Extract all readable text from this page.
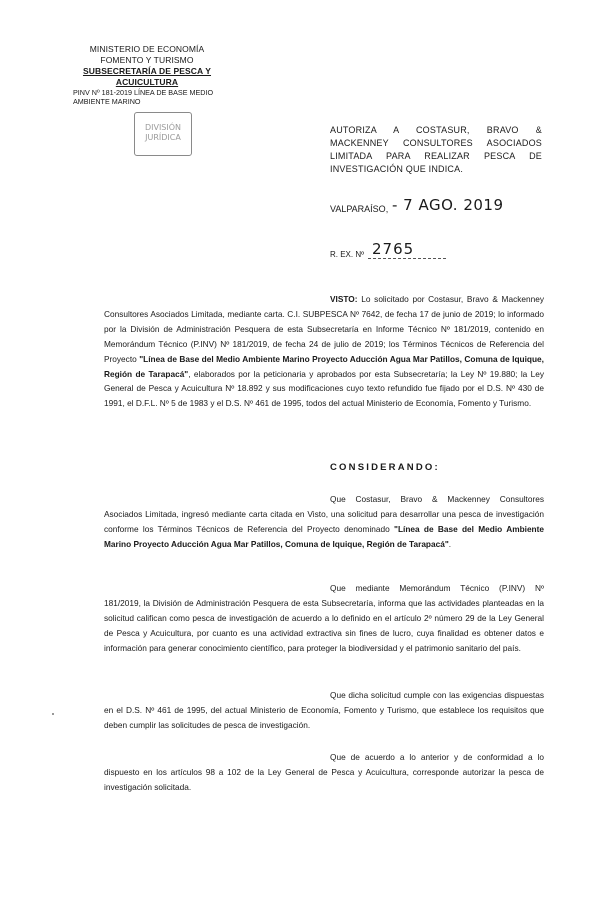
MINISTERIO DE ECONOMÍA
FOMENTO Y TURISMO
SUBSECRETARÍA DE PESCA Y ACUICULTURA
PINV Nº 181-2019 LÍNEA DE BASE MEDIO
AMBIENTE MARINO
DIVISIÓN
JURÍDICA
AUTORIZA A COSTASUR, BRAVO & MACKENNEY CONSULTORES ASOCIADOS LIMITADA PARA REALIZAR PESCA DE INVESTIGACIÓN QUE INDICA.
VALPARAÍSO, - 7 AGO. 2019
R. EX. Nº 2765
VISTO: Lo solicitado por Costasur, Bravo & Mackenney Consultores Asociados Limitada, mediante carta. C.I. SUBPESCA Nº 7642, de fecha 17 de junio de 2019; lo informado por la División de Administración Pesquera de esta Subsecretaría en Informe Técnico Nº 181/2019, contenido en Memorándum Técnico (P.INV) Nº 181/2019, de fecha 24 de julio de 2019; los Términos Técnicos de Referencia del Proyecto "Línea de Base del Medio Ambiente Marino Proyecto Aducción Agua Mar Patillos, Comuna de Iquique, Región de Tarapacá", elaborados por la peticionaria y aprobados por esta Subsecretaría; la Ley Nº 19.880; la Ley General de Pesca y Acuicultura Nº 18.892 y sus modificaciones cuyo texto refundido fue fijado por el D.S. Nº 430 de 1991, el D.F.L. Nº 5 de 1983 y el D.S. Nº 461 de 1995, todos del actual Ministerio de Economía, Fomento y Turismo.
CONSIDERANDO:
Que Costasur, Bravo & Mackenney Consultores Asociados Limitada, ingresó mediante carta citada en Visto, una solicitud para desarrollar una pesca de investigación conforme los Términos Técnicos de Referencia del Proyecto denominado "Línea de Base del Medio Ambiente Marino Proyecto Aducción Agua Mar Patillos, Comuna de Iquique, Región de Tarapacá".
Que mediante Memorándum Técnico (P.INV) Nº 181/2019, la División de Administración Pesquera de esta Subsecretaría, informa que las actividades planteadas en la solicitud califican como pesca de investigación de acuerdo a lo definido en el artículo 2º número 29 de la Ley General de Pesca y Acuicultura, por cuanto es una actividad extractiva sin fines de lucro, cuya finalidad es obtener datos e información para generar conocimiento científico, para proteger la biodiversidad y el patrimonio sanitario del país.
Que dicha solicitud cumple con las exigencias dispuestas en el D.S. Nº 461 de 1995, del actual Ministerio de Economía, Fomento y Turismo, que establece los requisitos que deben cumplir las solicitudes de pesca de investigación.
Que de acuerdo a lo anterior y de conformidad a lo dispuesto en los artículos 98 a 102 de la Ley General de Pesca y Acuicultura, corresponde autorizar la pesca de investigación solicitada.
